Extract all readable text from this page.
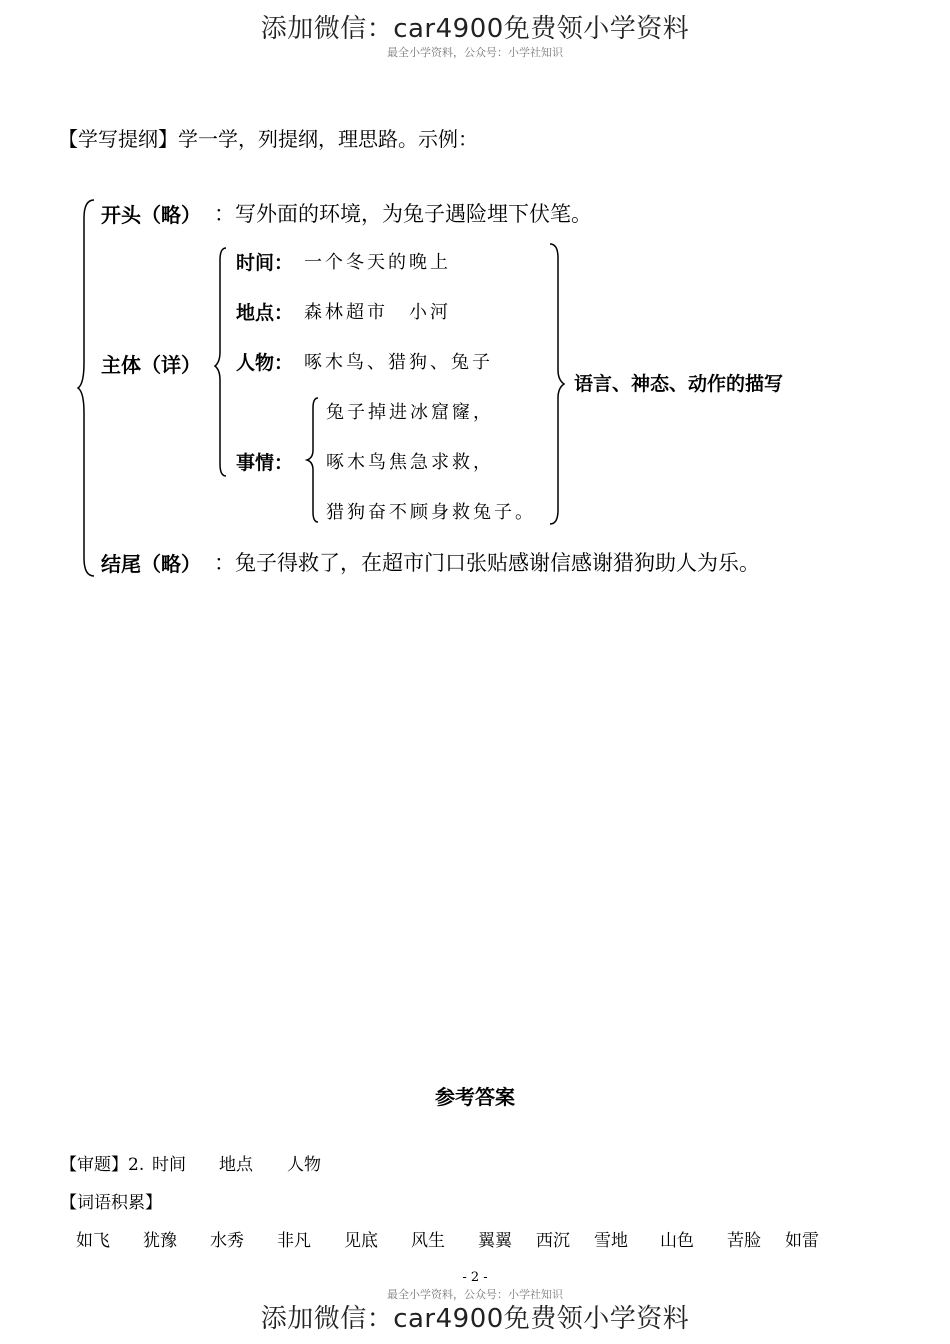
添加微信：car4900免费领小学资料
最全小学资料，公众号：小学社知识
【学写提纲】学一学，列提纲，理思路。示例：
开头（略） ：写外面的环境，为兔子遇险埋下伏笔。
主体（详）
时间： 一个冬天的晚上
地点： 森林超市　小河
人物： 啄木鸟、猎狗、兔子
事情：
兔子掉进冰窟窿，
啄木鸟焦急求救，
猎狗奋不顾身救兔子。
语言、神态、动作的描写
结尾（略） ：兔子得救了，在超市门口张贴感谢信感谢猎狗助人为乐。
参考答案
【审题】2. 时间 地点 人物
【词语积累】
如飞 犹豫 水秀 非凡 见底 风生 翼翼 西沉 雪地 山色 苦脸 如雷
- 2 -
最全小学资料，公众号：小学社知识
添加微信：car4900免费领小学资料
